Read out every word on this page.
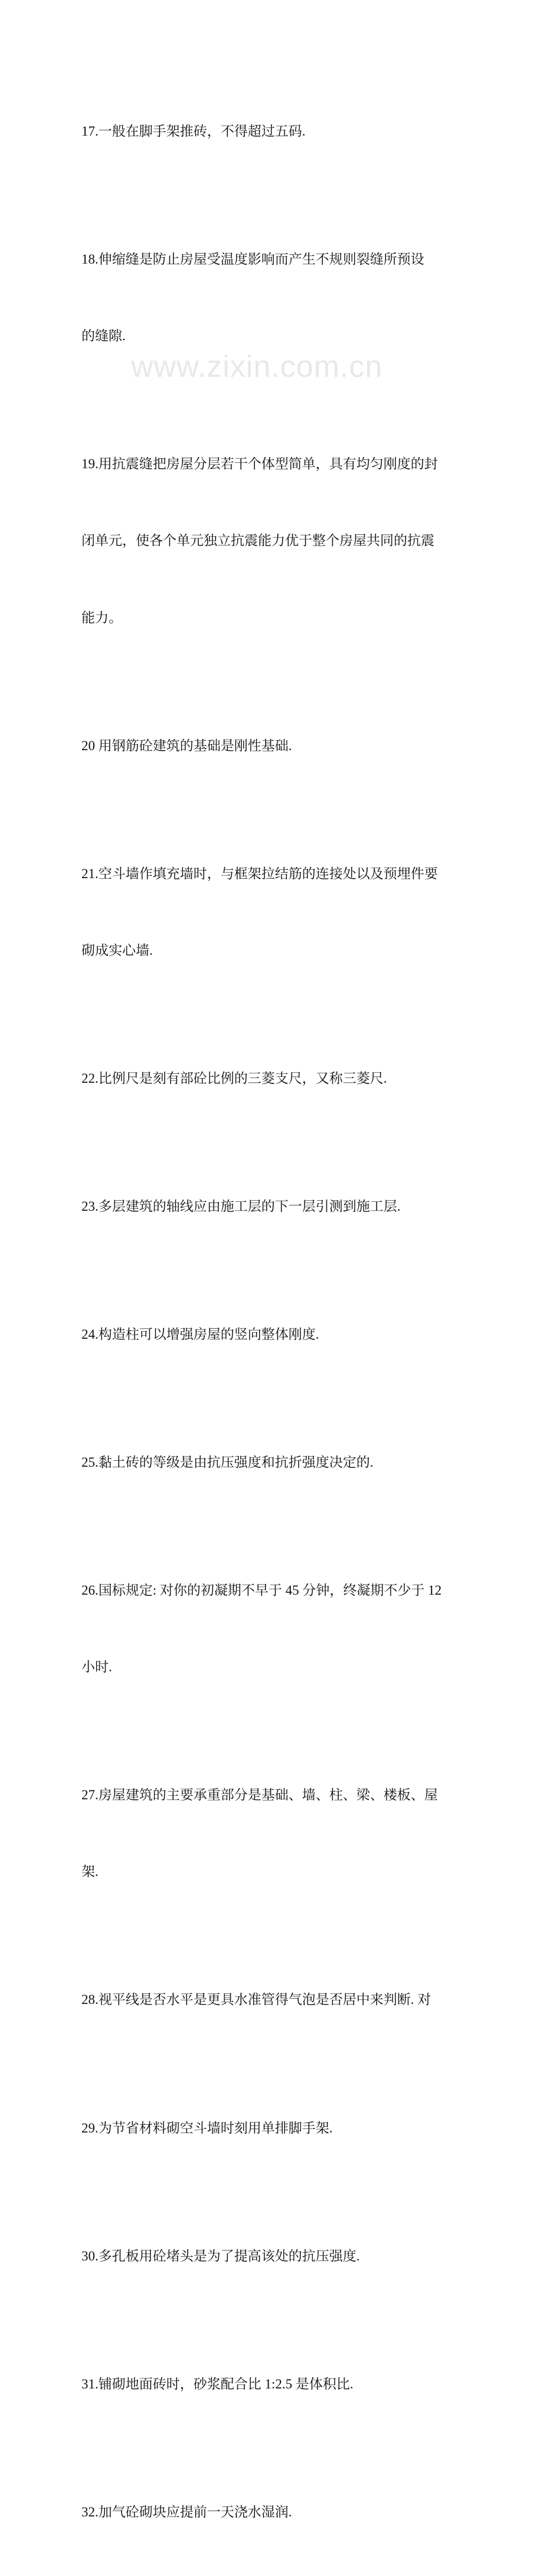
www.zixin.com.cn

17.一般在脚手架推砖，不得超过五码.

18.伸缩缝是防止房屋受温度影响而产生不规则裂缝所预设

的缝隙.

19.用抗震缝把房屋分层若干个体型简单，具有均匀刚度的封

闭单元，使各个单元独立抗震能力优于整个房屋共同的抗震

能力。

20 用钢筋砼建筑的基础是刚性基础.

21.空斗墙作填充墙时，与框架拉结筋的连接处以及预埋件要

砌成实心墙.

22.比例尺是刻有部砼比例的三菱支尺，又称三菱尺.

23.多层建筑的轴线应由施工层的下一层引测到施工层.

24.构造柱可以增强房屋的竖向整体刚度.

25.黏土砖的等级是由抗压强度和抗折强度决定的.

26.国标规定: 对你的初凝期不早于 45 分钟，终凝期不少于 12

小时.

27.房屋建筑的主要承重部分是基础、墙、柱、梁、楼板、屋

架.

28.视平线是否水平是更具水准管得气泡是否居中来判断. 对

29.为节省材料砌空斗墙时刻用单排脚手架.

30.多孔板用砼堵头是为了提高该处的抗压强度.

31.铺砌地面砖时，砂浆配合比 1:2.5 是体积比.

32.加气砼砌块应提前一天浇水湿润.
